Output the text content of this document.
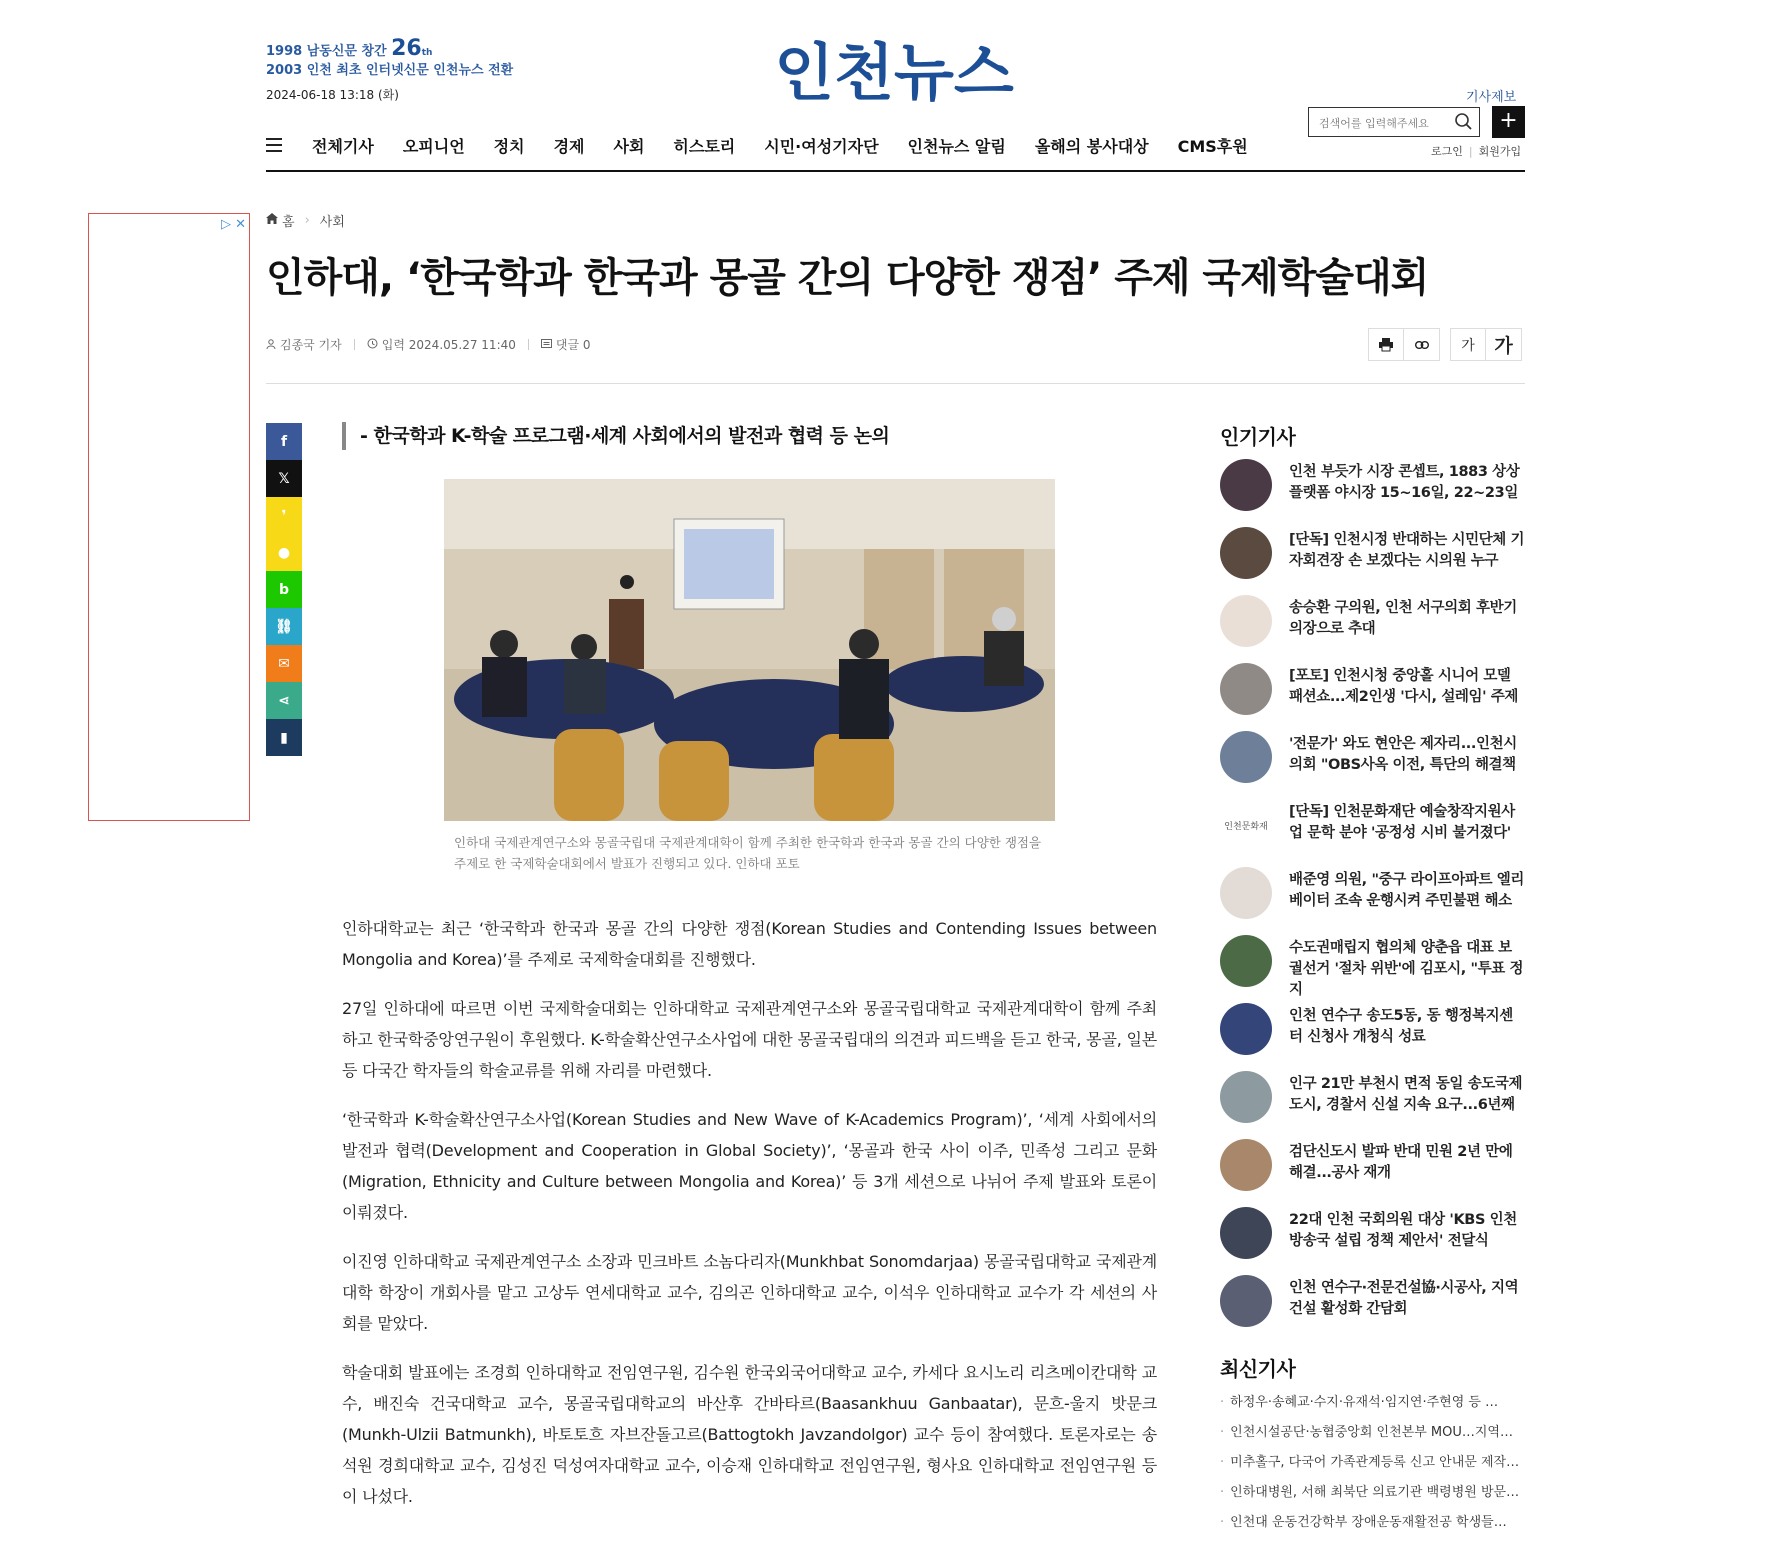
1998 남동신문 창간 26th
2003 인천 최초 인터넷신문 인천뉴스 전환
2024-06-18 13:18 (화)	인천뉴스	기사제보
검색어를 입력해주세요
+
로그인 | 회원가입
전체기사 오피니언 정치 경제 사회 히스토리 시민·여성기자단 인천뉴스 알림 올해의 봉사대상 CMS후원
▷ ✕	홈 › 사회
인하대, ‘한국학과 한국과 몽골 간의 다양한 쟁점’ 주제 국제학술대회
김종국 기자	입력 2024.05.27 11:40	댓글 0	가	가
f
𝕏
❜
●
b
⛓
✉
⋖
▮
- 한국학과 K-학술 프로그램·세계 사회에서의 발전과 협력 등 논의
인하대 국제관계연구소와 몽골국립대 국제관계대학이 함께 주최한 한국학과 한국과 몽골 간의 다양한 쟁점을 주제로 한 국제학술대회에서 발표가 진행되고 있다. 인하대 포토

인하대학교는 최근 ‘한국학과 한국과 몽골 간의 다양한 쟁점(Korean Studies and Contending Issues between Mongolia and Korea)’를 주제로 국제학술대회를 진행했다.

27일 인하대에 따르면 이번 국제학술대회는 인하대학교 국제관계연구소와 몽골국립대학교 국제관계대학이 함께 주최하고 한국학중앙연구원이 후원했다. K-학술확산연구소사업에 대한 몽골국립대의 의견과 피드백을 듣고 한국, 몽골, 일본 등 다국간 학자들의 학술교류를 위해 자리를 마련했다.

‘한국학과 K-학술확산연구소사업(Korean Studies and New Wave of K-Academics Program)’, ‘세계 사회에서의 발전과 협력(Development and Cooperation in Global Society)’, ‘몽골과 한국 사이 이주, 민족성 그리고 문화(Migration, Ethnicity and Culture between Mongolia and Korea)’ 등 3개 세션으로 나뉘어 주제 발표와 토론이 이뤄졌다.

이진영 인하대학교 국제관계연구소 소장과 민크바트 소놈다리자(Munkhbat Sonomdarjaa) 몽골국립대학교 국제관계대학 학장이 개회사를 맡고 고상두 연세대학교 교수, 김의곤 인하대학교 교수, 이석우 인하대학교 교수가 각 세션의 사회를 맡았다.

학술대회 발표에는 조경희 인하대학교 전임연구원, 김수원 한국외국어대학교 교수, 카세다 요시노리 리츠메이칸대학 교수, 배진숙 건국대학교 교수, 몽골국립대학교의 바산후 간바타르(Baasankhuu Ganbaatar), 문흐-울지 밧문크(Munkh-Ulzii Batmunkh), 바토토흐 자브잔돌고르(Battogtokh Javzandolgor) 교수 등이 참여했다. 토론자로는 송석원 경희대학교 교수, 김성진 덕성여자대학교 교수, 이승재 인하대학교 전임연구원, 형사요 인하대학교 전임연구원 등이 나섰다.

인기기사
인천 부듯가 시장 콘셉트, 1883 상상플랫폼 야시장 15~16일, 22~23일
[단독] 인천시정 반대하는 시민단체 기자회견장 손 보겠다는 시의원 누구
송승환 구의원, 인천 서구의회 후반기 의장으로 추대
[포토] 인천시청 중앙홀 시니어 모델 패션쇼...제2인생 '다시, 설레임' 주제
'전문가' 와도 현안은 제자리...인천시의회 "OBS사옥 이전, 특단의 해결책
인천문화재
[단독] 인천문화재단 예술창작지원사업 문학 분야 '공정성 시비 불거졌다'
배준영 의원, "중구 라이프아파트 엘리베이터 조속 운행시켜 주민불편 해소
수도권매립지 협의체 양춘읍 대표 보궐선거 '절차 위반'에 김포시, "투표 정지
인천 연수구 송도5동, 동 행정복지센터 신청사 개청식 성료
인구 21만 부천시 면적 동일 송도국제도시, 경찰서 신설 지속 요구...6년째
검단신도시 발파 반대 민원 2년 만에 해결...공사 재개
22대 인천 국회의원 대상 'KBS 인천 방송국 설립 정책 제안서' 전달식
인천 연수구·전문건설協·시공사, 지역건설 활성화 간담회
최신기사
· 하정우·송혜교·수지·유재석·임지연·주현영 등 …
· 인천시설공단·농협중앙회 인천본부 MOU…지역…
· 미추홀구, 다국어 가족관계등록 신고 안내문 제작…
· 인하대병원, 서해 최북단 의료기관 백령병원 방문…
· 인천대 운동건강학부 장애운동재활전공 학생들…
